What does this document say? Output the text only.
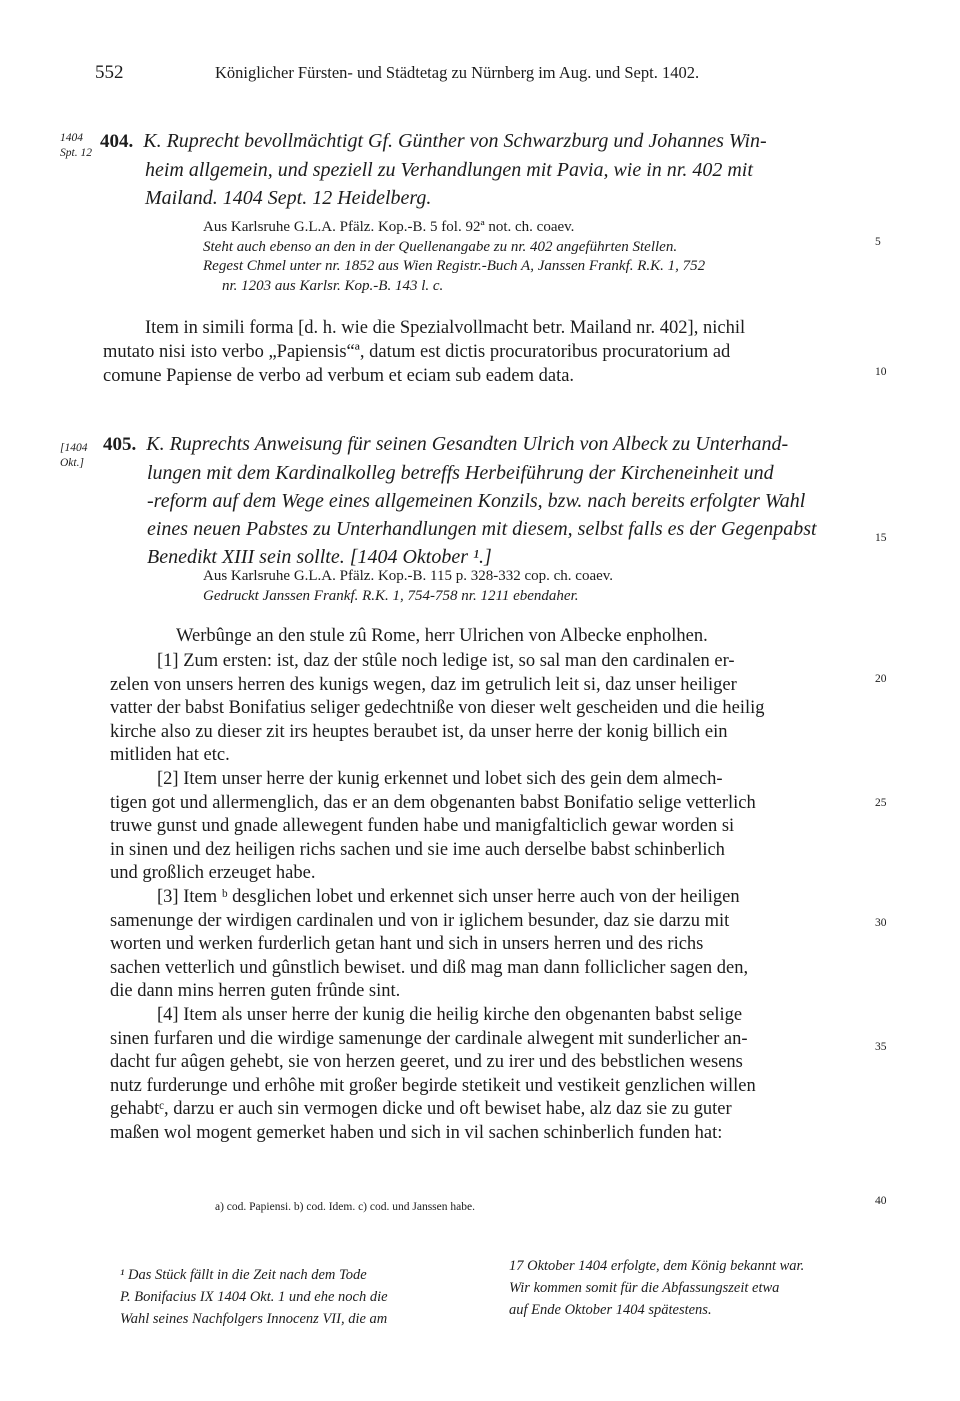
552	Königlicher Fürsten- und Städtetag zu Nürnberg im Aug. und Sept. 1402.
1404
Spt. 12
404. K. Ruprecht bevollmächtigt Gf. Günther von Schwarzburg und Johannes Win-
heim allgemein, und speziell zu Verhandlungen mit Pavia, wie in nr. 402 mit
Mailand. 1404 Sept. 12 Heidelberg.
Aus Karlsruhe G.L.A. Pfälz. Kop.-B. 5 fol. 92ª not. ch. coaev.
Steht auch ebenso an den in der Quellenangabe zu nr. 402 angeführten Stellen.
Regest Chmel unter nr. 1852 aus Wien Registr.-Buch A, Janssen Frankf. R.K. 1, 752
nr. 1203 aus Karlsr. Kop.-B. 143 l. c.
Item in simili forma [d. h. wie die Spezialvollmacht betr. Mailand nr. 402], nichil
mutato nisi isto verbo „Papiensis“ª, datum est dictis procuratoribus procuratorium ad
comune Papiense de verbo ad verbum et eciam sub eadem data.
[1404
Okt.]
405. K. Ruprechts Anweisung für seinen Gesandten Ulrich von Albeck zu Unterhand-
lungen mit dem Kardinalkolleg betreffs Herbeiführung der Kircheneinheit und
-reform auf dem Wege eines allgemeinen Konzils, bzw. nach bereits erfolgter Wahl
eines neuen Pabstes zu Unterhandlungen mit diesem, selbst falls es der Gegenpabst
Benedikt XIII sein sollte. [1404 Oktober ¹.]
Aus Karlsruhe G.L.A. Pfälz. Kop.-B. 115 p. 328-332 cop. ch. coaev.
Gedruckt Janssen Frankf. R.K. 1, 754-758 nr. 1211 ebendaher.
Werbûnge an den stule zû Rome, herr Ulrichen von Albecke enpholhen.
[1] Zum ersten: ist, daz der stûle noch ledige ist, so sal man den cardinalen er-
zelen von unsers herren des kunigs wegen, daz im getrulich leit si, daz unser heiliger
vatter der babst Bonifatius seliger gedechtniße von dieser welt gescheiden und die heilig
kirche also zu dieser zit irs heuptes beraubet ist, da unser herre der konig billich ein
mitliden hat etc.
[2] Item unser herre der kunig erkennet und lobet sich des gein dem almech-
tigen got und allermenglich, das er an dem obgenanten babst Bonifatio selige vetterlich
truwe gunst und gnade allewegent funden habe und manigfalticlich gewar worden si
in sinen und dez heiligen richs sachen und sie ime auch derselbe babst schinberlich
und großlich erzeuget habe.
[3] Item ᵇ desglichen lobet und erkennet sich unser herre auch von der heiligen
samenunge der wirdigen cardinalen und von ir iglichem besunder, daz sie darzu mit
worten und werken furderlich getan hant und sich in unsers herren und des richs
sachen vetterlich und gûnstlich bewiset. und diß mag man dann follicliche͏r sagen den,
die dann mins herren guten frûnde sint.
[4] Item als unser herre der kunig die heilig kirche den obgenanten babst selige
sinen furfaren und die wirdige samenunge der cardinale alwegent mit sunderlicher an-
dacht fur aûgen gehebt, sie von herzen geeret, und zu irer und des bebstlichen wesens
nutz furderunge und erhôhe mit großer begirde stetikeit und vestikeit genzlichen willen
gehabtᶜ, darzu er auch sin vermogen dicke und oft bewiset habe, alz daz sie zu guter
maßen wol mogent gemerket haben und sich in vil sachen schinberlich funden hat:
5
10
15
20
25
30
35
40
a) cod. Papiensi. b) cod. Idem. c) cod. und Janssen habe.
¹ Das Stück fällt in die Zeit nach dem Tode
P. Bonifacius IX 1404 Okt. 1 und ehe noch die
Wahl seines Nachfolgers Innocenz VII, die am
17 Oktober 1404 erfolgte, dem König bekannt war.
Wir kommen somit für die Abfassungszeit etwa
auf Ende Oktober 1404 spätestens.
